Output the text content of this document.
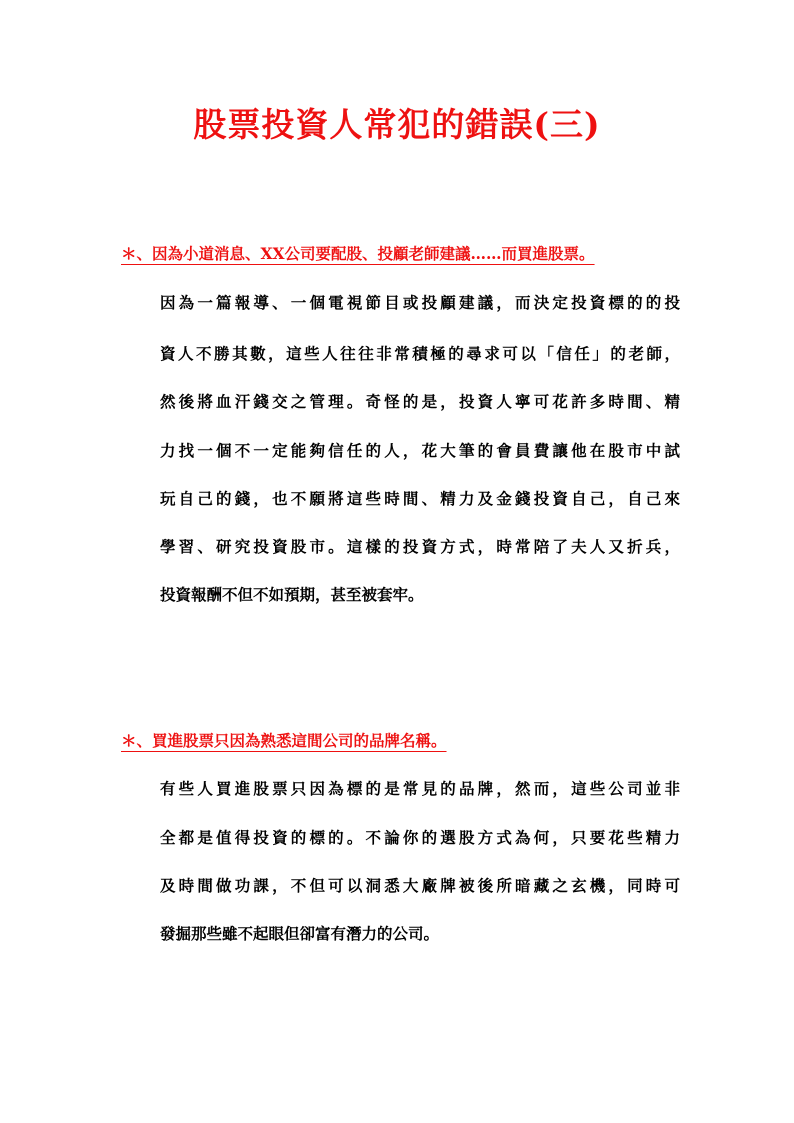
股票投資人常犯的錯誤(三)
＊、因為小道消息、XX公司要配股、投顧老師建議……而買進股票。
因為一篇報導、一個電視節目或投顧建議，而決定投資標的的投
資人不勝其數，這些人往往非常積極的尋求可以「信任」的老師，
然後將血汗錢交之管理。奇怪的是，投資人寧可花許多時間、精
力找一個不一定能夠信任的人，花大筆的會員費讓他在股市中試
玩自己的錢，也不願將這些時間、精力及金錢投資自己，自己來
學習、研究投資股市。這樣的投資方式，時常陪了夫人又折兵，
投資報酬不但不如預期，甚至被套牢。
＊、買進股票只因為熟悉這間公司的品牌名稱。
有些人買進股票只因為標的是常見的品牌，然而，這些公司並非
全都是值得投資的標的。不論你的選股方式為何，只要花些精力
及時間做功課，不但可以洞悉大廠牌被後所暗藏之玄機，同時可
發掘那些雖不起眼但卻富有潛力的公司。
